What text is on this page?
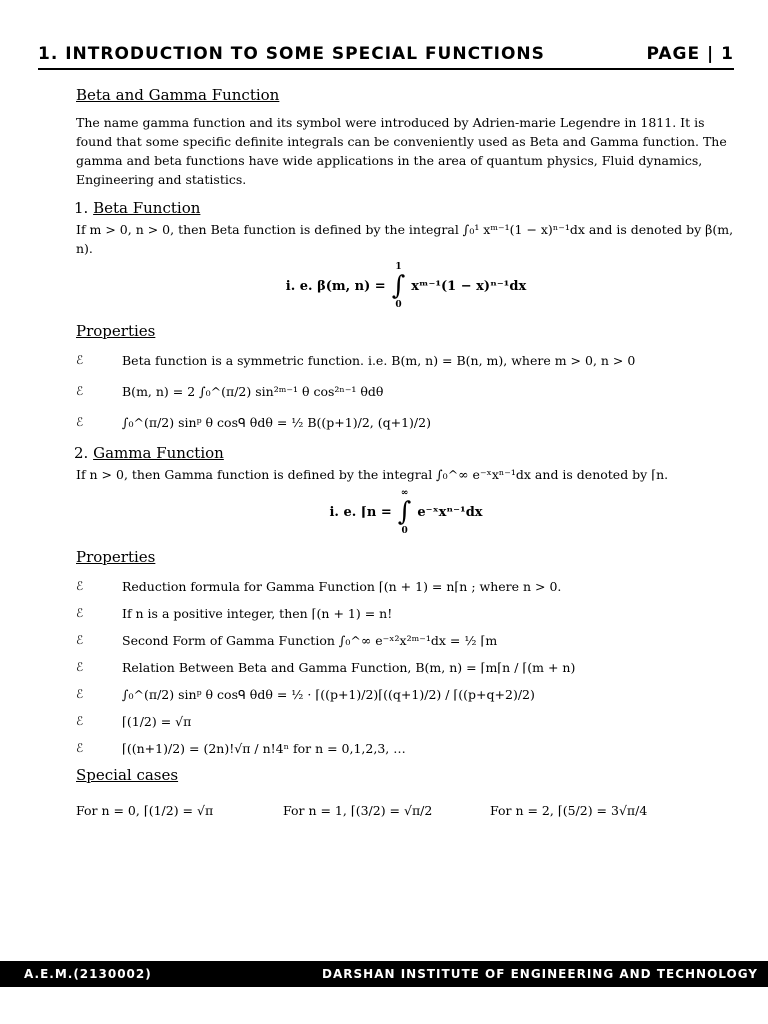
1. INTRODUCTION TO SOME SPECIAL FUNCTIONS	PAGE | 1
Beta and Gamma Function

The name gamma function and its symbol were introduced by Adrien-marie Legendre in 1811. It is found that some specific definite integrals can be conveniently used as Beta and Gamma function. The gamma and beta functions have wide applications in the area of quantum physics, Fluid dynamics, Engineering and statistics.

1. Beta Function

If m > 0, n > 0, then Beta function is defined by the integral ∫₀¹ xᵐ⁻¹(1 − x)ⁿ⁻¹dx and is denoted by β(m, n).

i. e. β(m, n) =
1
∫
0
xᵐ⁻¹(1 − x)ⁿ⁻¹dx
Properties
ℰ	Beta function is a symmetric function. i.e. B(m, n) = B(n, m), where m > 0, n > 0
ℰ	B(m, n) = 2 ∫₀^(π/2) sin²ᵐ⁻¹ θ cos²ⁿ⁻¹ θdθ
ℰ	∫₀^(π/2) sinᵖ θ cosᑫ θdθ = ½ B((p+1)/2, (q+1)/2)
2. Gamma Function

If n > 0, then Gamma function is defined by the integral ∫₀^∞ e⁻ˣxⁿ⁻¹dx and is denoted by ⌈n.

i. e. ⌈n =
∞
∫
0
e⁻ˣxⁿ⁻¹dx
Properties
ℰ	Reduction formula for Gamma Function ⌈(n + 1) = n⌈n ; where n > 0.
ℰ	If n is a positive integer, then ⌈(n + 1) = n!
ℰ	Second Form of Gamma Function ∫₀^∞ e⁻ˣ²x²ᵐ⁻¹dx = ½ ⌈m
ℰ	Relation Between Beta and Gamma Function, B(m, n) = ⌈m⌈n / ⌈(m + n)
ℰ	∫₀^(π/2) sinᵖ θ cosᑫ θdθ = ½ · ⌈((p+1)/2)⌈((q+1)/2) / ⌈((p+q+2)/2)
ℰ	⌈(1/2) = √π
ℰ	⌈((n+1)/2) = (2n)!√π / n!4ⁿ for n = 0,1,2,3, …
Special cases
For n = 0, ⌈(1/2) = √π	For n = 1, ⌈(3/2) = √π/2	For n = 2, ⌈(5/2) = 3√π/4
A.E.M.(2130002)	DARSHAN INSTITUTE OF ENGINEERING AND TECHNOLOGY
